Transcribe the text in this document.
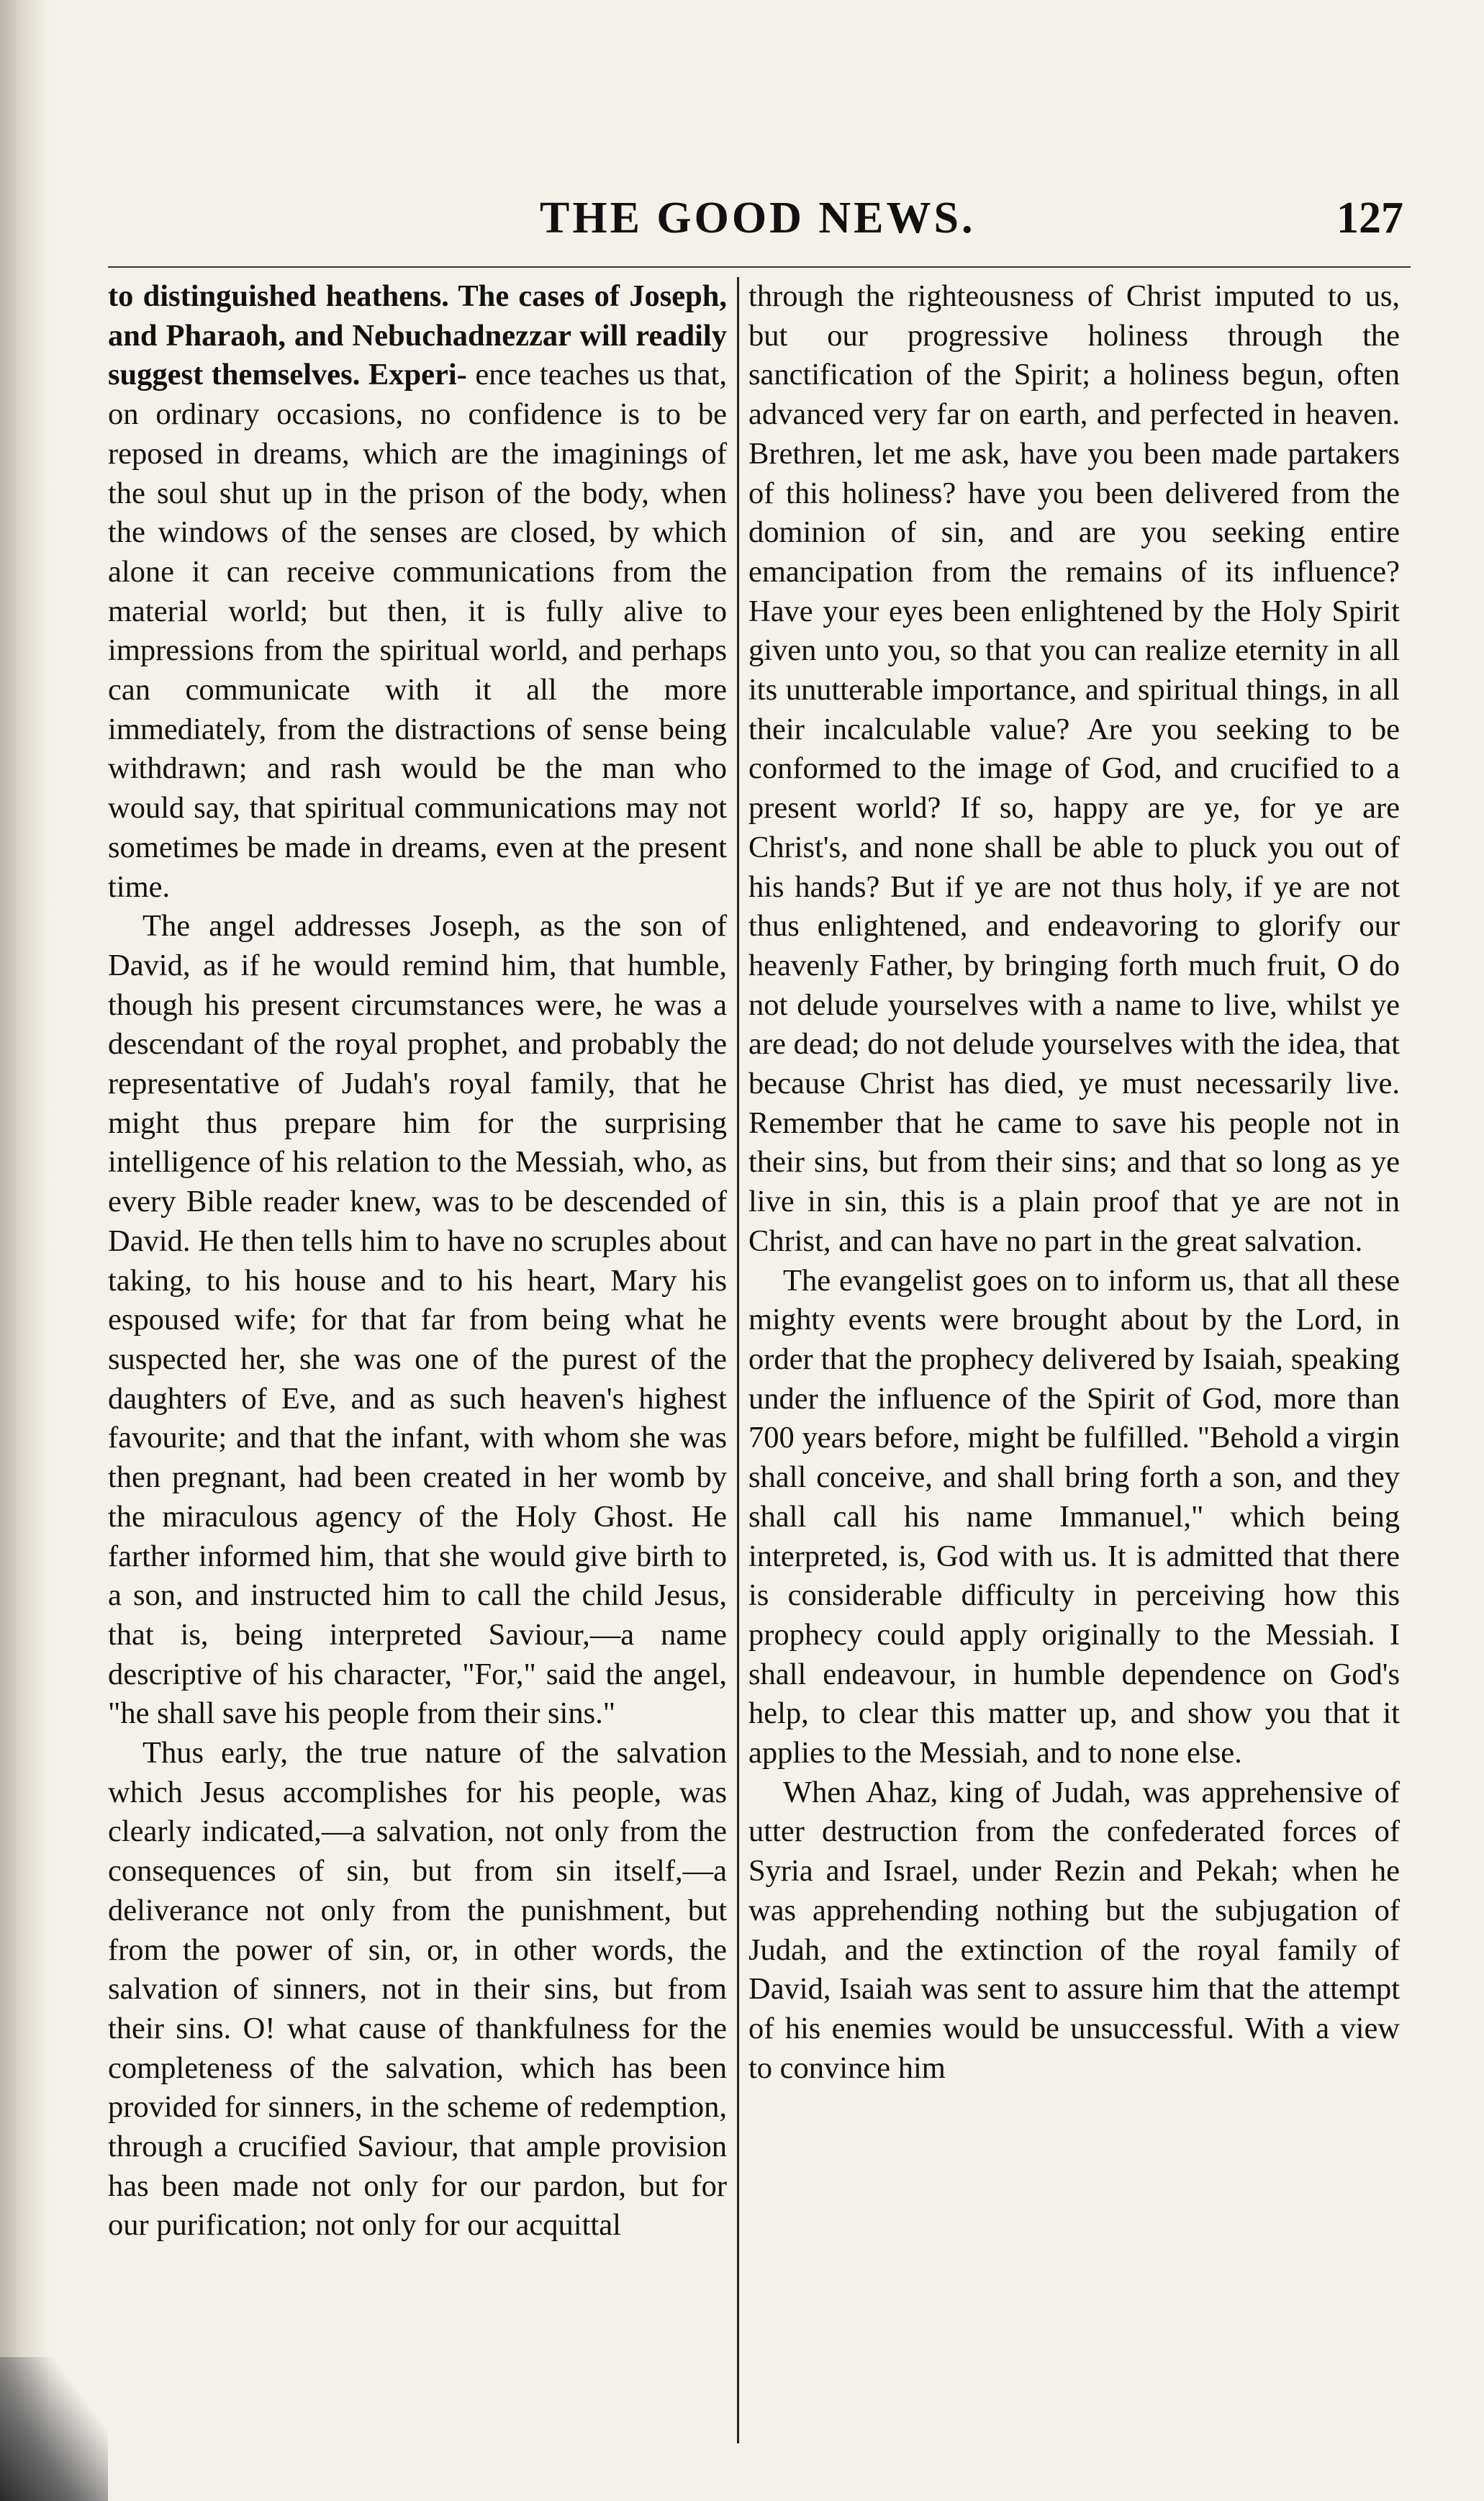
THE GOOD NEWS.	127

to distinguished heathens. The cases of Joseph, and Pharaoh, and Nebuchadnezzar will readily suggest themselves. Experi- ence teaches us that, on ordinary occasions, no confidence is to be reposed in dreams, which are the imaginings of the soul shut up in the prison of the body, when the windows of the senses are closed, by which alone it can receive communications from the material world; but then, it is fully alive to impressions from the spiritual world, and perhaps can communicate with it all the more immediately, from the distractions of sense being withdrawn; and rash would be the man who would say, that spiritual communications may not sometimes be made in dreams, even at the present time.

The angel addresses Joseph, as the son of David, as if he would remind him, that humble, though his present circumstances were, he was a descendant of the royal prophet, and probably the representative of Judah's royal family, that he might thus prepare him for the surprising intelligence of his relation to the Messiah, who, as every Bible reader knew, was to be descended of David. He then tells him to have no scruples about taking, to his house and to his heart, Mary his espoused wife; for that far from being what he suspected her, she was one of the purest of the daughters of Eve, and as such heaven's highest favourite; and that the infant, with whom she was then pregnant, had been created in her womb by the miraculous agency of the Holy Ghost. He farther informed him, that she would give birth to a son, and instructed him to call the child Jesus, that is, being interpreted Saviour,—a name descriptive of his character, "For," said the angel, "he shall save his people from their sins."

Thus early, the true nature of the salvation which Jesus accomplishes for his people, was clearly indicated,—a salvation, not only from the consequences of sin, but from sin itself,—a deliverance not only from the punishment, but from the power of sin, or, in other words, the salvation of sinners, not in their sins, but from their sins. O! what cause of thankfulness for the completeness of the salvation, which has been provided for sinners, in the scheme of redemption, through a crucified Saviour, that ample provision has been made not only for our pardon, but for our purification; not only for our acquittal

through the righteousness of Christ imputed to us, but our progressive holiness through the sanctification of the Spirit; a holiness begun, often advanced very far on earth, and perfected in heaven. Brethren, let me ask, have you been made partakers of this holiness? have you been delivered from the dominion of sin, and are you seeking entire emancipation from the remains of its influence? Have your eyes been enlightened by the Holy Spirit given unto you, so that you can realize eternity in all its unutterable importance, and spiritual things, in all their incalculable value? Are you seeking to be conformed to the image of God, and crucified to a present world? If so, happy are ye, for ye are Christ's, and none shall be able to pluck you out of his hands? But if ye are not thus holy, if ye are not thus enlightened, and endeavoring to glorify our heavenly Father, by bringing forth much fruit, O do not delude yourselves with a name to live, whilst ye are dead; do not delude yourselves with the idea, that because Christ has died, ye must necessarily live. Remember that he came to save his people not in their sins, but from their sins; and that so long as ye live in sin, this is a plain proof that ye are not in Christ, and can have no part in the great salvation.

The evangelist goes on to inform us, that all these mighty events were brought about by the Lord, in order that the prophecy delivered by Isaiah, speaking under the influence of the Spirit of God, more than 700 years before, might be fulfilled. "Behold a virgin shall conceive, and shall bring forth a son, and they shall call his name Immanuel," which being interpreted, is, God with us. It is admitted that there is considerable difficulty in perceiving how this prophecy could apply originally to the Messiah. I shall endeavour, in humble dependence on God's help, to clear this matter up, and show you that it applies to the Messiah, and to none else.

When Ahaz, king of Judah, was apprehensive of utter destruction from the confederated forces of Syria and Israel, under Rezin and Pekah; when he was apprehending nothing but the subjugation of Judah, and the extinction of the royal family of David, Isaiah was sent to assure him that the attempt of his enemies would be unsuccessful. With a view to convince him
